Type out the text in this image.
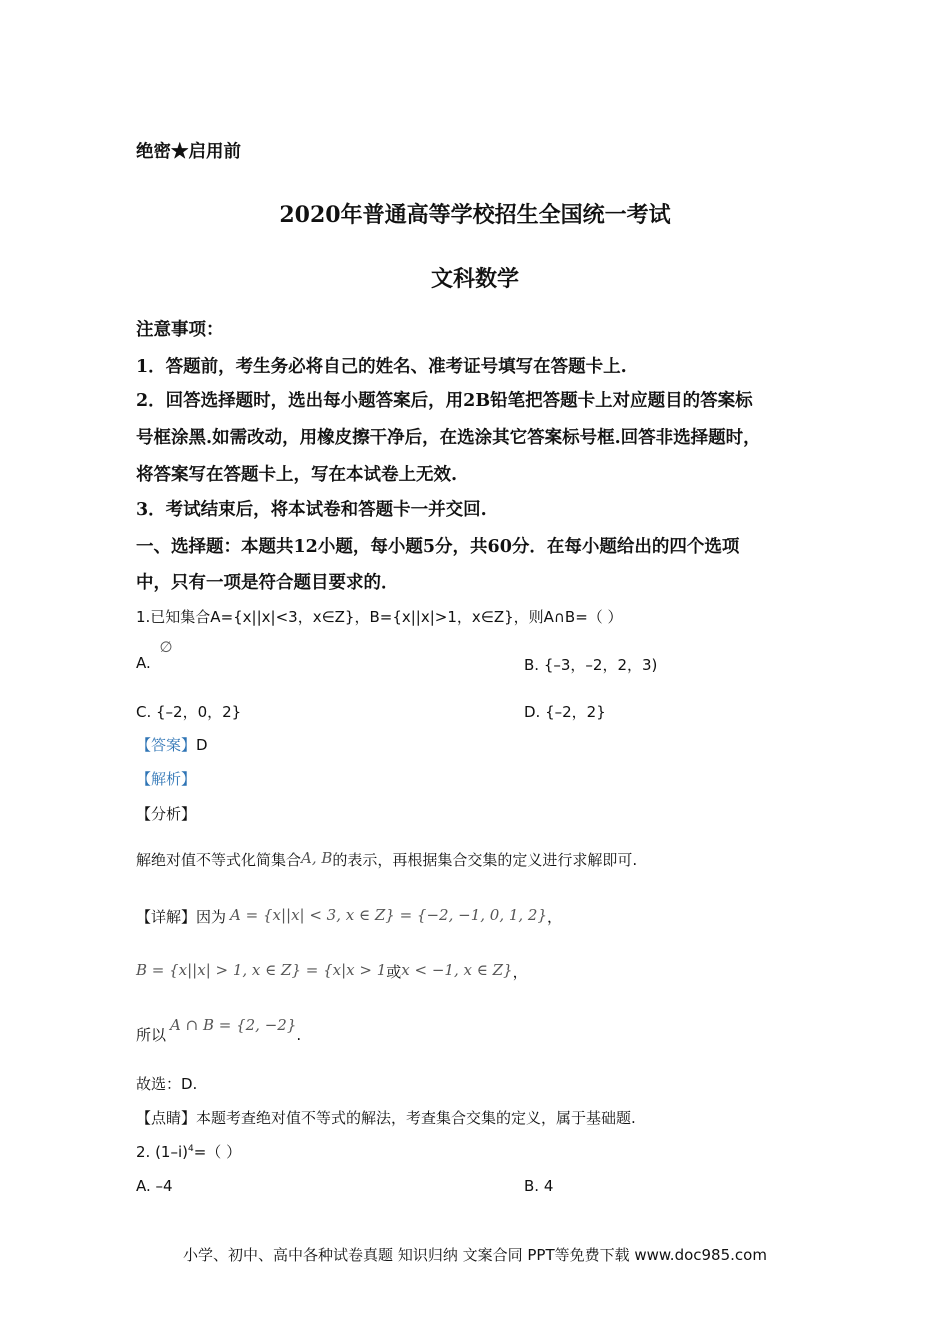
绝密★启用前
2020年普通高等学校招生全国统一考试
文科数学
注意事项：
1．答题前，考生务必将自己的姓名、准考证号填写在答题卡上.
2．回答选择题时，选出每小题答案后，用2B铅笔把答题卡上对应题目的答案标
号框涂黑.如需改动，用橡皮擦干净后，在选涂其它答案标号框.回答非选择题时，
将答案写在答题卡上，写在本试卷上无效.
3．考试结束后，将本试卷和答题卡一并交回.
一、选择题：本题共12小题，每小题5分，共60分．在每小题给出的四个选项
中，只有一项是符合题目要求的．
1.已知集合A={x||x|<3，x∈Z}，B={x||x|>1，x∈Z}，则A∩B=（ ）
A. ∅
B. {–3，–2，2，3)
C. {–2，0，2}	D. {–2，2}
【答案】D
【解析】
【分析】
解绝对值不等式化简集合A, B的表示，再根据集合交集的定义进行求解即可.
【详解】因为 A = {x||x| < 3, x ∈ Z} = {−2, −1, 0, 1, 2}，
B = {x||x| > 1, x ∈ Z} = {x|x > 1或x < −1, x ∈ Z}，
所以A ∩ B = {2, −2}.
故选：D.
【点睛】本题考查绝对值不等式的解法，考查集合交集的定义，属于基础题.
2. $(1-i)^4=$（ ）
A. –4	B. 4
小学、初中、高中各种试卷真题 知识归纳 文案合同 PPT等免费下载 www.doc985.com
